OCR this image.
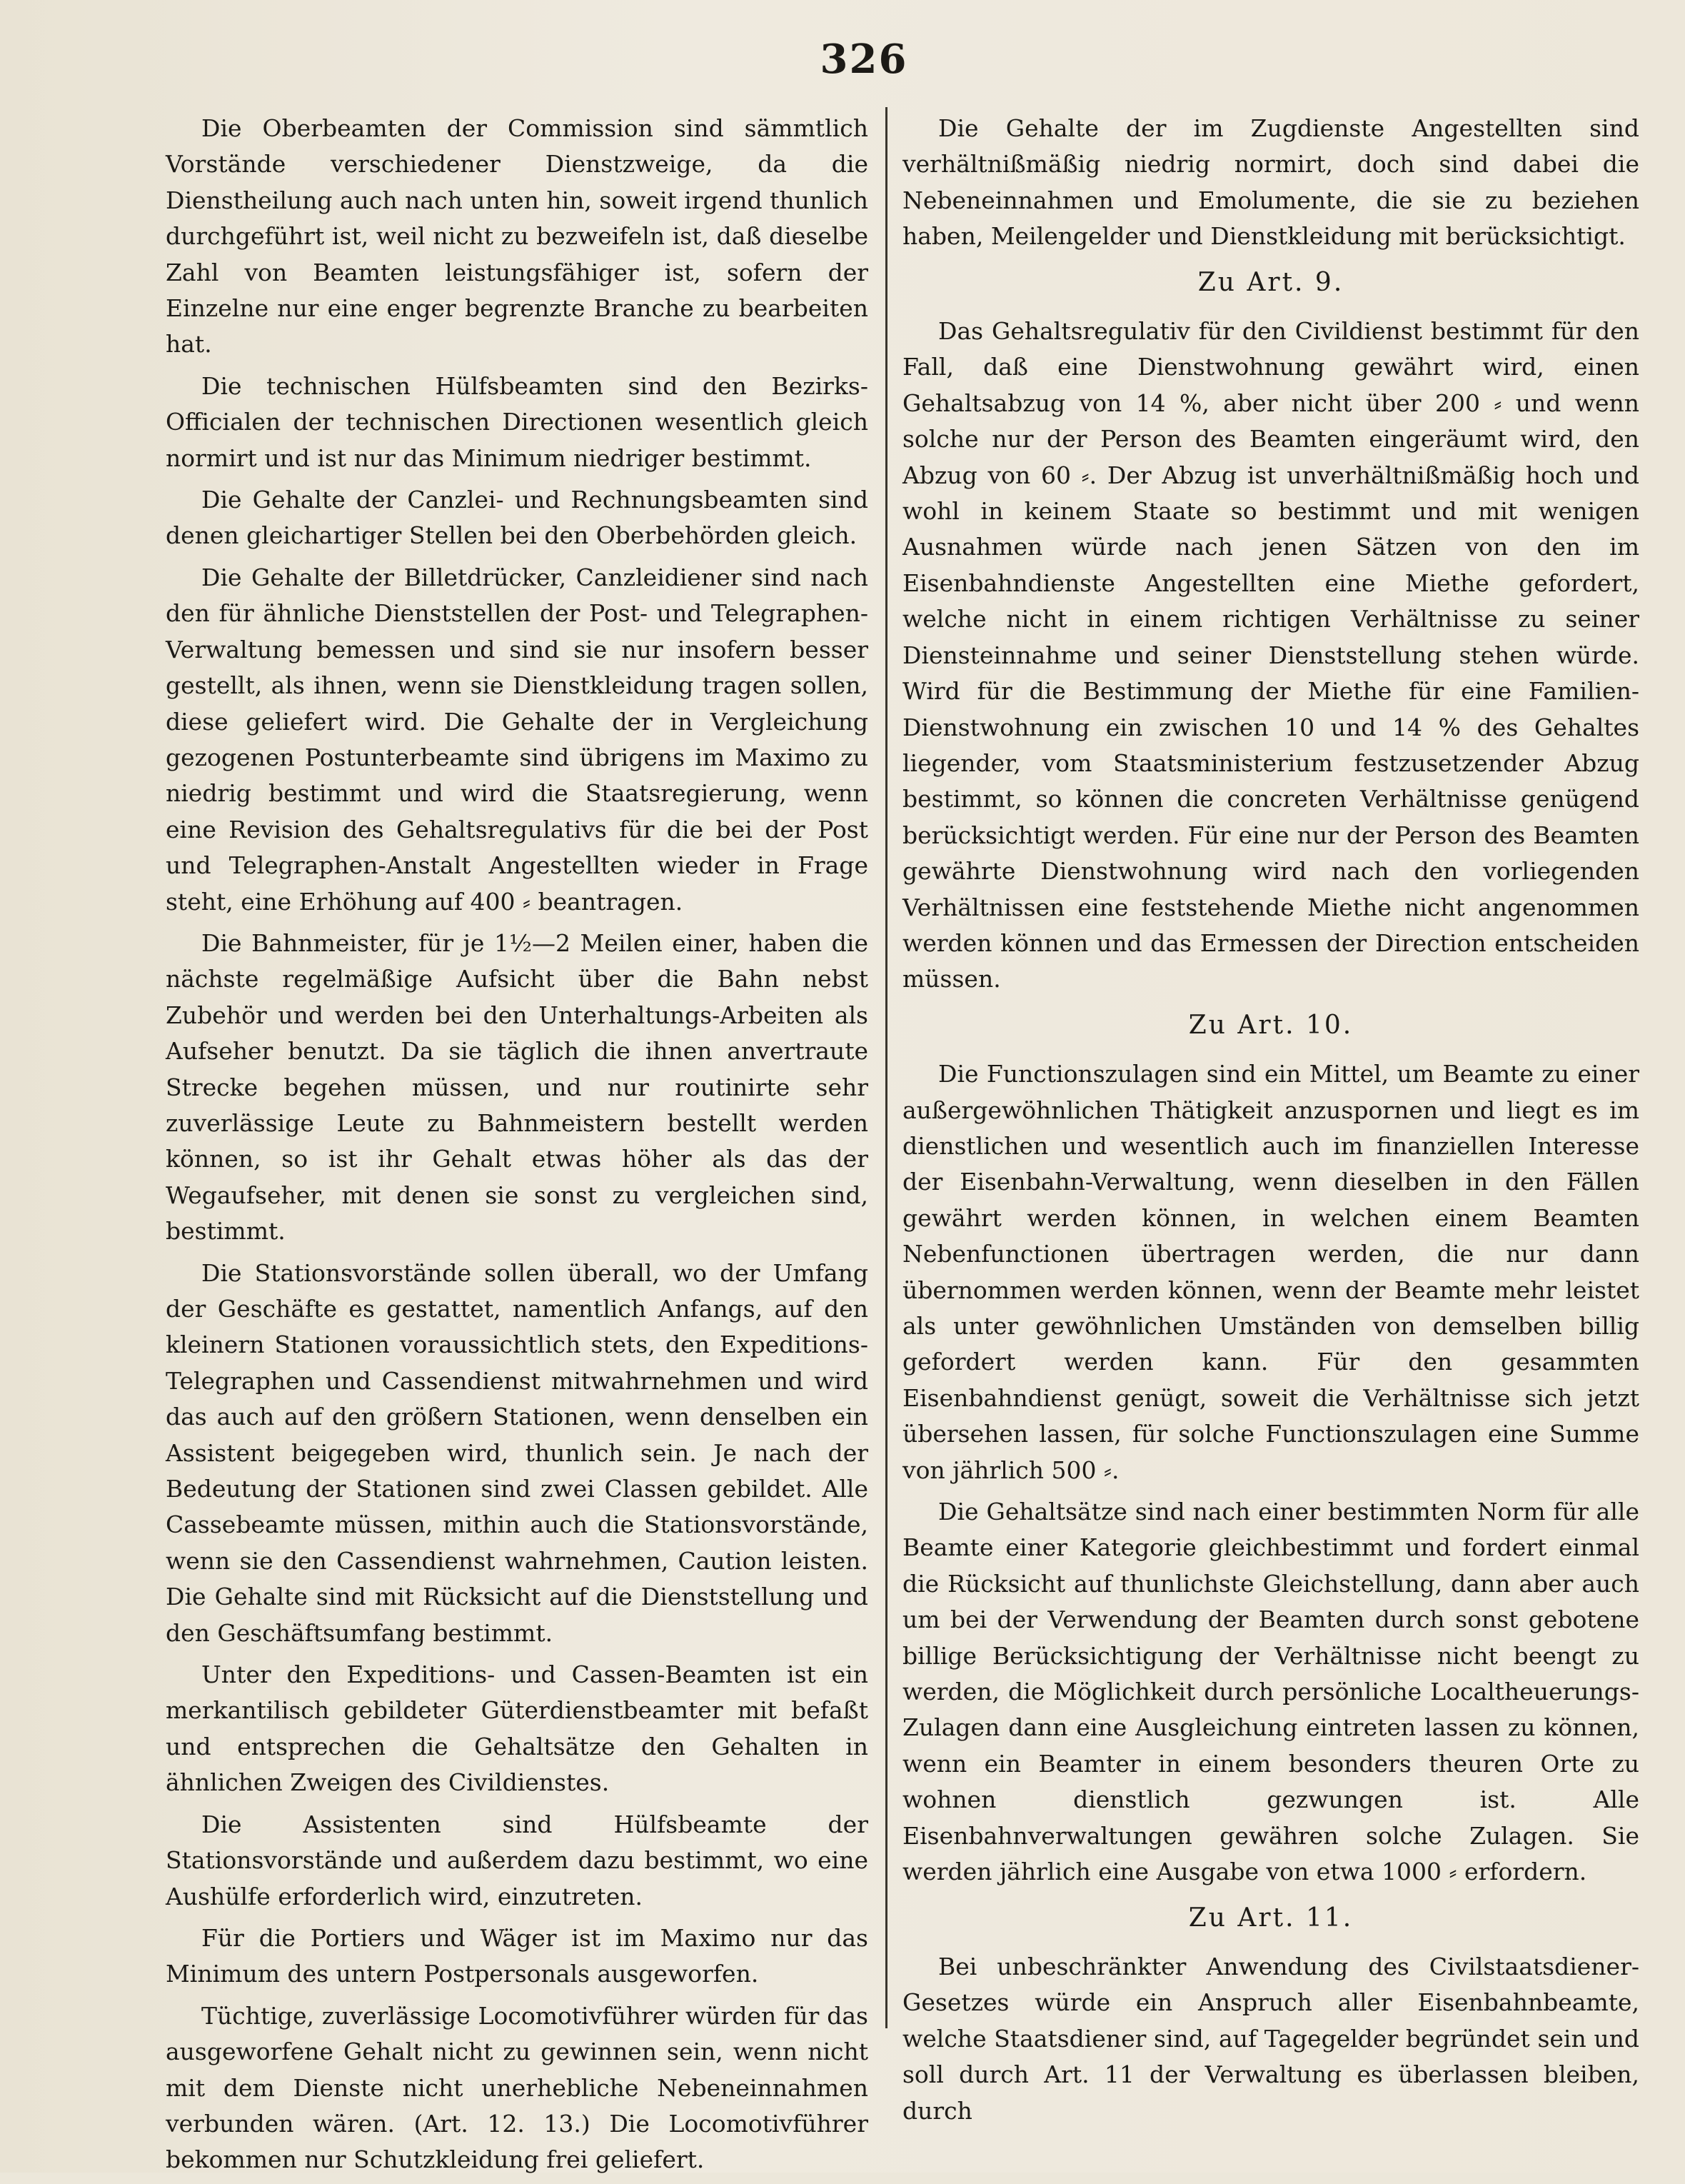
326

Die Oberbeamten der Commission sind sämmtlich Vorstände verschiedener Dienstzweige, da die Dienstheilung auch nach unten hin, soweit irgend thunlich durchgeführt ist, weil nicht zu bezweifeln ist, daß dieselbe Zahl von Beamten leistungsfähiger ist, sofern der Einzelne nur eine enger begrenzte Branche zu bearbeiten hat.

Die technischen Hülfsbeamten sind den Bezirks-Officialen der technischen Directionen wesentlich gleich normirt und ist nur das Minimum niedriger bestimmt.

Die Gehalte der Canzlei- und Rechnungsbeamten sind denen gleichartiger Stellen bei den Oberbehörden gleich.

Die Gehalte der Billetdrücker, Canzleidiener sind nach den für ähnliche Dienststellen der Post- und Telegraphen-Verwaltung bemessen und sind sie nur insofern besser gestellt, als ihnen, wenn sie Dienstkleidung tragen sollen, diese geliefert wird. Die Gehalte der in Vergleichung gezogenen Postunterbeamte sind übrigens im Maximo zu niedrig bestimmt und wird die Staatsregierung, wenn eine Revision des Gehaltsregulativs für die bei der Post und Telegraphen-Anstalt Angestellten wieder in Frage steht, eine Erhöhung auf 400 ⸗ beantragen.

Die Bahnmeister, für je 1½—2 Meilen einer, haben die nächste regelmäßige Aufsicht über die Bahn nebst Zubehör und werden bei den Unterhaltungs-Arbeiten als Aufseher benutzt. Da sie täglich die ihnen anvertraute Strecke begehen müssen, und nur routinirte sehr zuverlässige Leute zu Bahnmeistern bestellt werden können, so ist ihr Gehalt etwas höher als das der Wegaufseher, mit denen sie sonst zu vergleichen sind, bestimmt.

Die Stationsvorstände sollen überall, wo der Umfang der Geschäfte es gestattet, namentlich Anfangs, auf den kleinern Stationen voraussichtlich stets, den Expeditions-Telegraphen und Cassendienst mitwahrnehmen und wird das auch auf den größern Stationen, wenn denselben ein Assistent beigegeben wird, thunlich sein. Je nach der Bedeutung der Stationen sind zwei Classen gebildet. Alle Cassebeamte müssen, mithin auch die Stationsvorstände, wenn sie den Cassendienst wahrnehmen, Caution leisten. Die Gehalte sind mit Rücksicht auf die Dienststellung und den Geschäftsumfang bestimmt.

Unter den Expeditions- und Cassen-Beamten ist ein merkantilisch gebildeter Güterdienstbeamter mit befaßt und entsprechen die Gehaltsätze den Gehalten in ähnlichen Zweigen des Civildienstes.

Die Assistenten sind Hülfsbeamte der Stationsvorstände und außerdem dazu bestimmt, wo eine Aushülfe erforderlich wird, einzutreten.

Für die Portiers und Wäger ist im Maximo nur das Minimum des untern Postpersonals ausgeworfen.

Tüchtige, zuverlässige Locomotivführer würden für das ausgeworfene Gehalt nicht zu gewinnen sein, wenn nicht mit dem Dienste nicht unerhebliche Nebeneinnahmen verbunden wären. (Art. 12. 13.) Die Locomotivführer bekommen nur Schutzkleidung frei geliefert.

Die Gehalte der im Zugdienste Angestellten sind verhältnißmäßig niedrig normirt, doch sind dabei die Nebeneinnahmen und Emolumente, die sie zu beziehen haben, Meilengelder und Dienstkleidung mit berücksichtigt.

Zu Art. 9.

Das Gehaltsregulativ für den Civildienst bestimmt für den Fall, daß eine Dienstwohnung gewährt wird, einen Gehaltsabzug von 14 %, aber nicht über 200 ⸗ und wenn solche nur der Person des Beamten eingeräumt wird, den Abzug von 60 ⸗. Der Abzug ist unverhältnißmäßig hoch und wohl in keinem Staate so bestimmt und mit wenigen Ausnahmen würde nach jenen Sätzen von den im Eisenbahndienste Angestellten eine Miethe gefordert, welche nicht in einem richtigen Verhältnisse zu seiner Diensteinnahme und seiner Dienststellung stehen würde. Wird für die Bestimmung der Miethe für eine Familien-Dienstwohnung ein zwischen 10 und 14 % des Gehaltes liegender, vom Staatsministerium festzusetzender Abzug bestimmt, so können die concreten Verhältnisse genügend berücksichtigt werden. Für eine nur der Person des Beamten gewährte Dienstwohnung wird nach den vorliegenden Verhältnissen eine feststehende Miethe nicht angenommen werden können und das Ermessen der Direction entscheiden müssen.

Zu Art. 10.

Die Functionszulagen sind ein Mittel, um Beamte zu einer außergewöhnlichen Thätigkeit anzuspornen und liegt es im dienstlichen und wesentlich auch im finanziellen Interesse der Eisenbahn-Verwaltung, wenn dieselben in den Fällen gewährt werden können, in welchen einem Beamten Nebenfunctionen übertragen werden, die nur dann übernommen werden können, wenn der Beamte mehr leistet als unter gewöhnlichen Umständen von demselben billig gefordert werden kann. Für den gesammten Eisenbahndienst genügt, soweit die Verhältnisse sich jetzt übersehen lassen, für solche Functionszulagen eine Summe von jährlich 500 ⸗.

Die Gehaltsätze sind nach einer bestimmten Norm für alle Beamte einer Kategorie gleichbestimmt und fordert einmal die Rücksicht auf thunlichste Gleichstellung, dann aber auch um bei der Verwendung der Beamten durch sonst gebotene billige Berücksichtigung der Verhältnisse nicht beengt zu werden, die Möglichkeit durch persönliche Localtheuerungs-Zulagen dann eine Ausgleichung eintreten lassen zu können, wenn ein Beamter in einem besonders theuren Orte zu wohnen dienstlich gezwungen ist. Alle Eisenbahnverwaltungen gewähren solche Zulagen. Sie werden jährlich eine Ausgabe von etwa 1000 ⸗ erfordern.

Zu Art. 11.

Bei unbeschränkter Anwendung des Civilstaatsdiener-Gesetzes würde ein Anspruch aller Eisenbahnbeamte, welche Staatsdiener sind, auf Tagegelder begründet sein und soll durch Art. 11 der Verwaltung es überlassen bleiben, durch
